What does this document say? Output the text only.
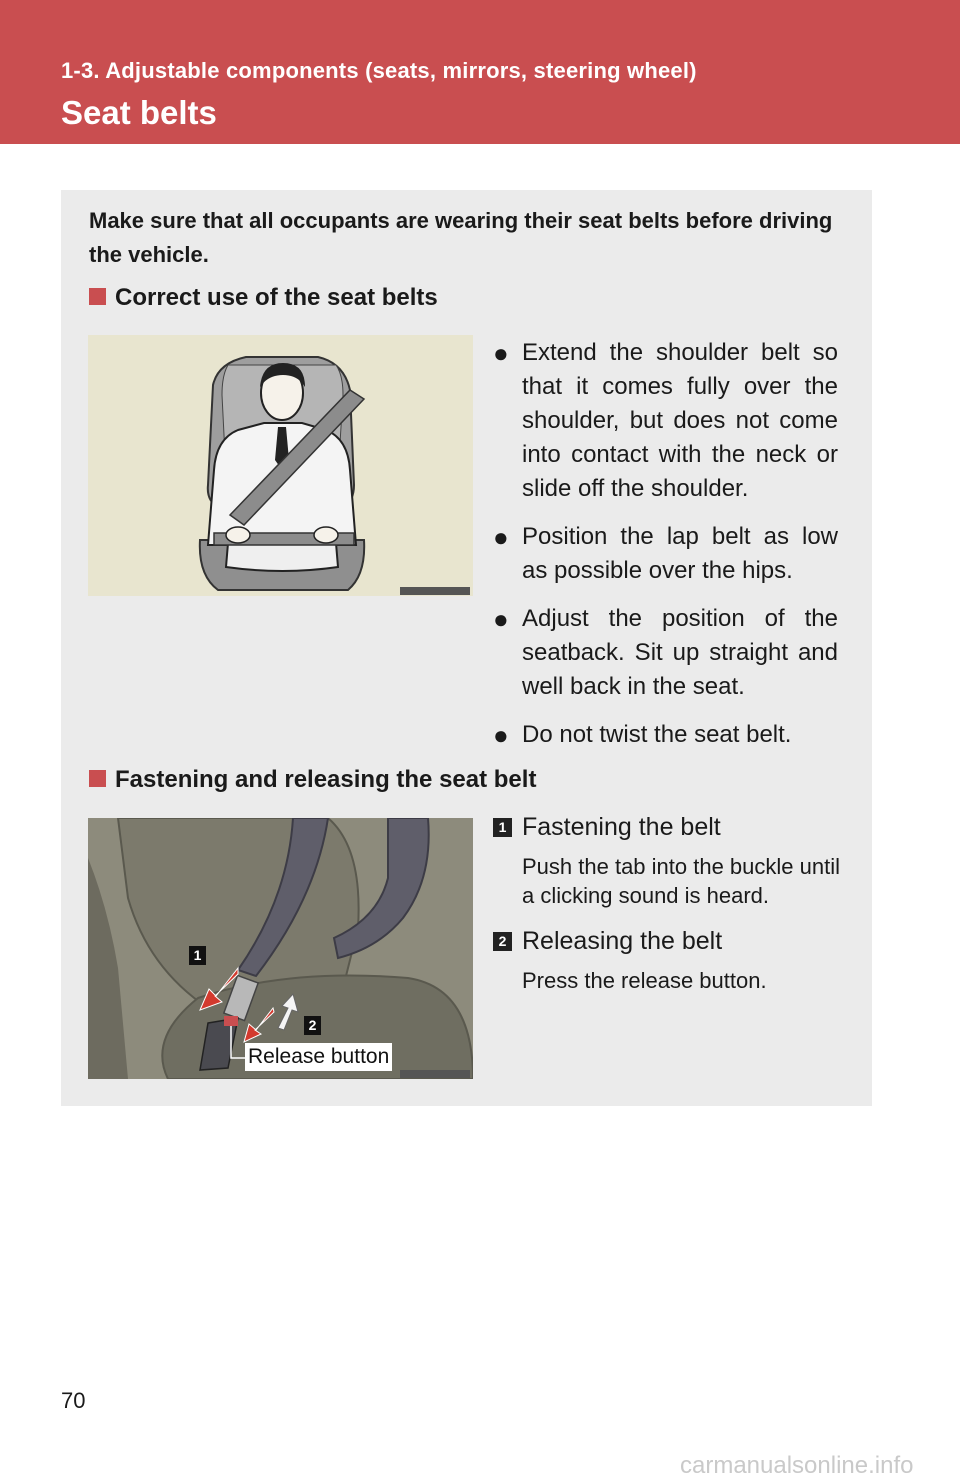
1-3. Adjustable components (seats, mirrors, steering wheel)
Seat belts
Make sure that all occupants are wearing their seat belts before driving the vehicle.
Correct use of the seat belts
● Extend the shoulder belt so that it comes fully over the shoulder, but does not come into contact with the neck or slide off the shoulder.
● Position the lap belt as low as possible over the hips.
● Adjust the position of the seatback. Sit up straight and well back in the seat.
● Do not twist the seat belt.
Fastening and releasing the seat belt
1
2
Release button
1 Fastening the belt
Push the tab into the buckle until a clicking sound is heard.
2 Releasing the belt
Press the release button.
70
carmanualsonline.info
